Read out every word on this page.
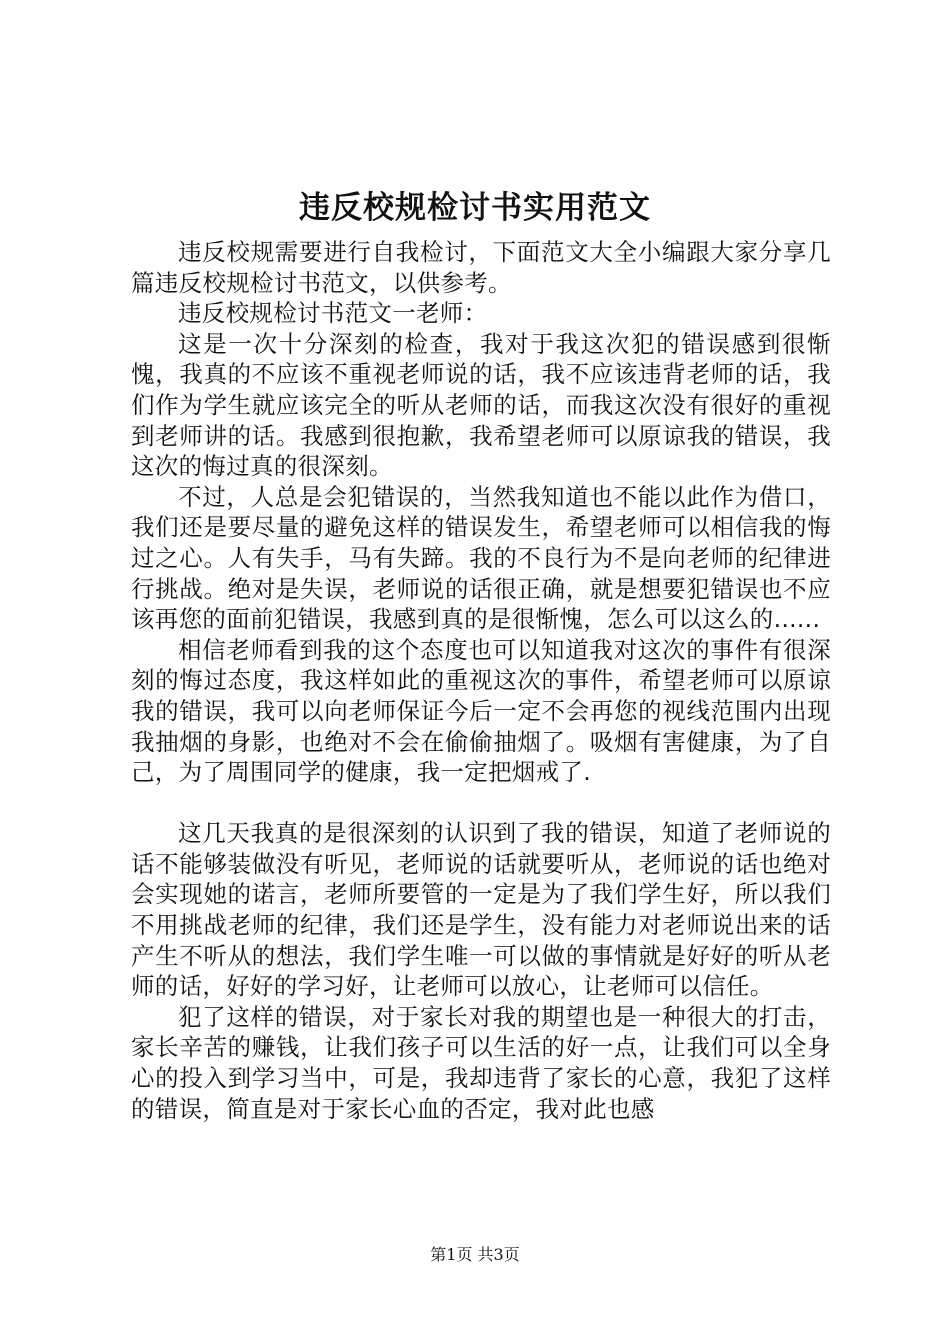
违反校规检讨书实用范文

违反校规需要进行自我检讨，下面范文大全小编跟大家分享几篇违反校规检讨书范文，以供参考。

违反校规检讨书范文一老师：

这是一次十分深刻的检查，我对于我这次犯的错误感到很惭愧，我真的不应该不重视老师说的话，我不应该违背老师的话，我们作为学生就应该完全的听从老师的话，而我这次没有很好的重视到老师讲的话。我感到很抱歉，我希望老师可以原谅我的错误，我这次的悔过真的很深刻。

不过，人总是会犯错误的，当然我知道也不能以此作为借口，我们还是要尽量的避免这样的错误发生，希望老师可以相信我的悔过之心。人有失手，马有失蹄。我的不良行为不是向老师的纪律进行挑战。绝对是失误，老师说的话很正确，就是想要犯错误也不应该再您的面前犯错误，我感到真的是很惭愧，怎么可以这么的......

相信老师看到我的这个态度也可以知道我对这次的事件有很深刻的悔过态度，我这样如此的重视这次的事件，希望老师可以原谅我的错误，我可以向老师保证今后一定不会再您的视线范围内出现我抽烟的身影，也绝对不会在偷偷抽烟了。吸烟有害健康，为了自己，为了周围同学的健康，我一定把烟戒了.

这几天我真的是很深刻的认识到了我的错误，知道了老师说的话不能够装做没有听见，老师说的话就要听从，老师说的话也绝对会实现她的诺言，老师所要管的一定是为了我们学生好，所以我们不用挑战老师的纪律，我们还是学生，没有能力对老师说出来的话产生不听从的想法，我们学生唯一可以做的事情就是好好的听从老师的话，好好的学习好，让老师可以放心，让老师可以信任。

犯了这样的错误，对于家长对我的期望也是一种很大的打击，家长辛苦的赚钱，让我们孩子可以生活的好一点，让我们可以全身心的投入到学习当中，可是，我却违背了家长的心意，我犯了这样的错误，简直是对于家长心血的否定，我对此也感

第1页 共3页
